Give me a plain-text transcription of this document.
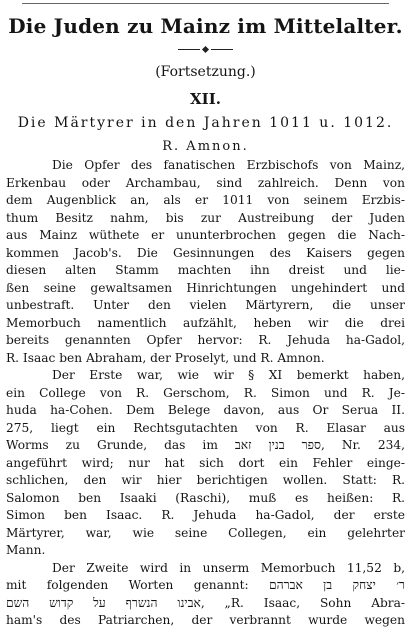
Die Juden zu Mainz im Mittelalter.
(Fortsetzung.)
XII.
Die Märtyrer in den Jahren 1011 u. 1012.
R. Amnon.
Die Opfer des fanatischen Erzbischofs von Mainz,
Erkenbau oder Archambau, sind zahlreich. Denn von
dem Augenblick an, als er 1011 von seinem Erzbis-
thum Besitz nahm, bis zur Austreibung der Juden
aus Mainz wüthete er ununterbrochen gegen die Nach-
kommen Jacob's. Die Gesinnungen des Kaisers gegen
diesen alten Stamm machten ihn dreist und lie-
ßen seine gewaltsamen Hinrichtungen ungehindert und
unbestraft. Unter den vielen Märtyrern, die unser
Memorbuch namentlich aufzählt, heben wir die drei
bereits genannten Opfer hervor: R. Jehuda ha-Gadol,
R. Isaac ben Abraham, der Proselyt, und R. Amnon.
Der Erste war, wie wir § XI bemerkt haben,
ein College von R. Gerschom, R. Simon und R. Je-
huda ha-Cohen. Dem Belege davon, aus Or Serua II.
275, liegt ein Rechtsgutachten von R. Elasar aus
Worms zu Grunde, das im ספר בנין זאב, Nr. 234,
angeführt wird; nur hat sich dort ein Fehler einge-
schlichen, den wir hier berichtigen wollen. Statt: R.
Salomon ben Isaaki (Raschi), muß es heißen: R.
Simon ben Isaac. R. Jehuda ha-Gadol, der erste
Märtyrer, war, wie seine Collegen, ein gelehrter
Mann.
Der Zweite wird in unserm Memorbuch 11,52 b,
mit folgenden Worten genannt: ר׳ יצחק בן אברהם
אבינו הנשרף על קדוש השם, „R. Isaac, Sohn Abra-
ham's des Patriarchen, der verbrannt wurde wegen
